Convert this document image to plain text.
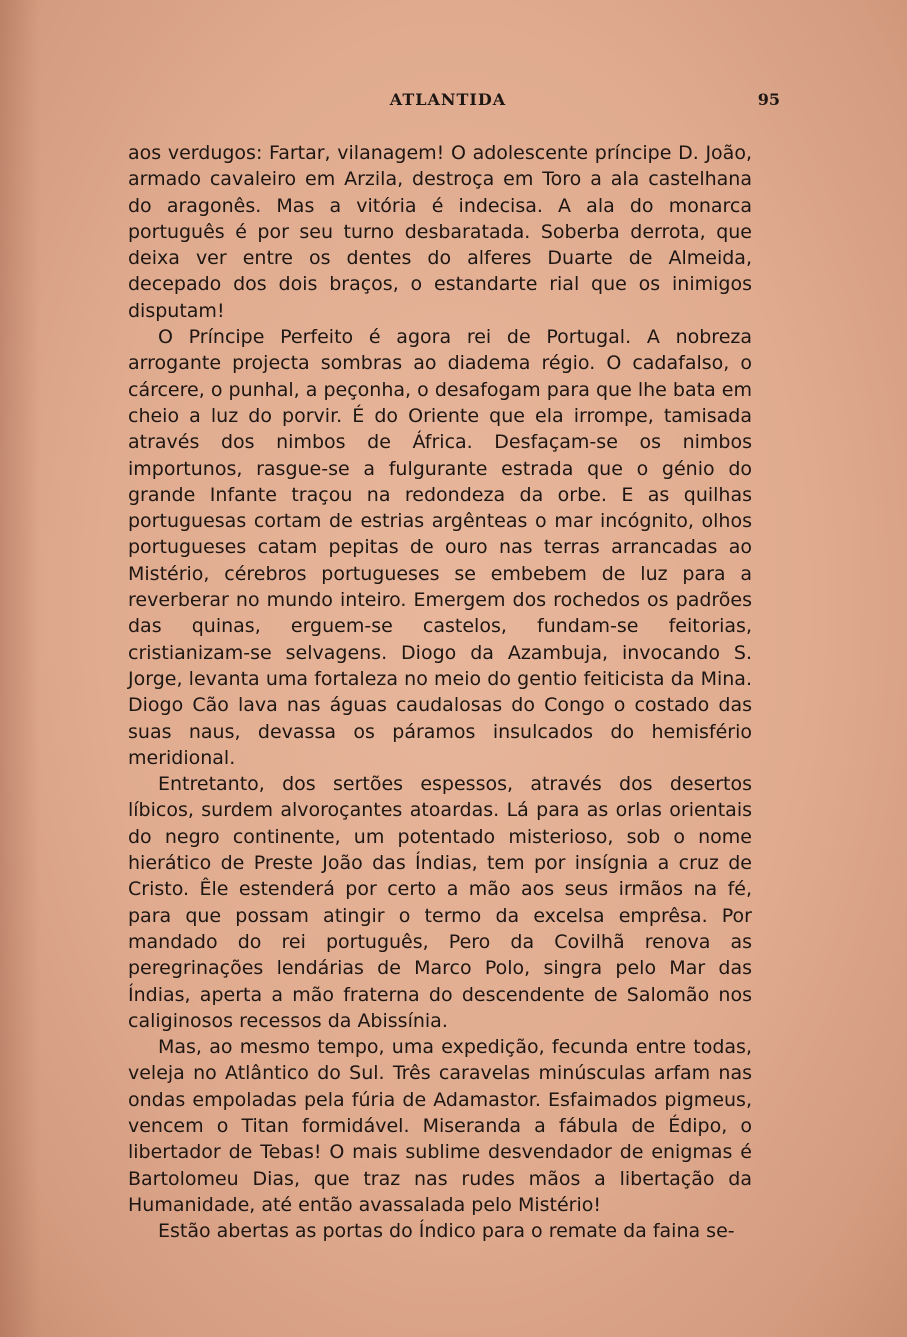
ATLANTIDA	95

aos verdugos: Fartar, vilanagem! O adolescente príncipe D. João, armado cavaleiro em Arzila, destroça em Toro a ala castelhana do aragonês. Mas a vitória é indecisa. A ala do monarca português é por seu turno desbaratada. Soberba derrota, que deixa ver entre os dentes do alferes Duarte de Almeida, decepado dos dois braços, o estandarte rial que os inimigos disputam!

O Príncipe Perfeito é agora rei de Portugal. A nobreza arrogante projecta sombras ao diadema régio. O cadafalso, o cárcere, o punhal, a peçonha, o desafogam para que lhe bata em cheio a luz do porvir. É do Oriente que ela irrompe, tamisada através dos nimbos de África. Desfaçam-se os nimbos importunos, rasgue-se a fulgurante estrada que o génio do grande Infante traçou na redondeza da orbe. E as quilhas portuguesas cortam de estrias argênteas o mar incógnito, olhos portugueses catam pepitas de ouro nas terras arrancadas ao Mistério, cérebros portugueses se embebem de luz para a reverberar no mundo inteiro. Emergem dos rochedos os padrões das quinas, erguem-se castelos, fundam-se feitorias, cristianizam-se selvagens. Diogo da Azambuja, invocando S. Jorge, levanta uma fortaleza no meio do gentio feiticista da Mina. Diogo Cão lava nas águas caudalosas do Congo o costado das suas naus, devassa os páramos insulcados do hemisfério meridional.

Entretanto, dos sertões espessos, através dos desertos líbicos, surdem alvoroçantes atoardas. Lá para as orlas orientais do negro continente, um potentado misterioso, sob o nome hierático de Preste João das Índias, tem por insígnia a cruz de Cristo. Êle estenderá por certo a mão aos seus irmãos na fé, para que possam atingir o termo da excelsa emprêsa. Por mandado do rei português, Pero da Covilhã renova as peregrinações lendárias de Marco Polo, singra pelo Mar das Índias, aperta a mão fraterna do descendente de Salomão nos caliginosos recessos da Abissínia.

Mas, ao mesmo tempo, uma expedição, fecunda entre todas, veleja no Atlântico do Sul. Três caravelas minúsculas arfam nas ondas empoladas pela fúria de Adamastor. Esfaimados pigmeus, vencem o Titan formidável. Miseranda a fábula de Édipo, o libertador de Tebas! O mais sublime desvendador de enigmas é Bartolomeu Dias, que traz nas rudes mãos a libertação da Humanidade, até então avassalada pelo Mistério!

Estão abertas as portas do Índico para o remate da faina se-
